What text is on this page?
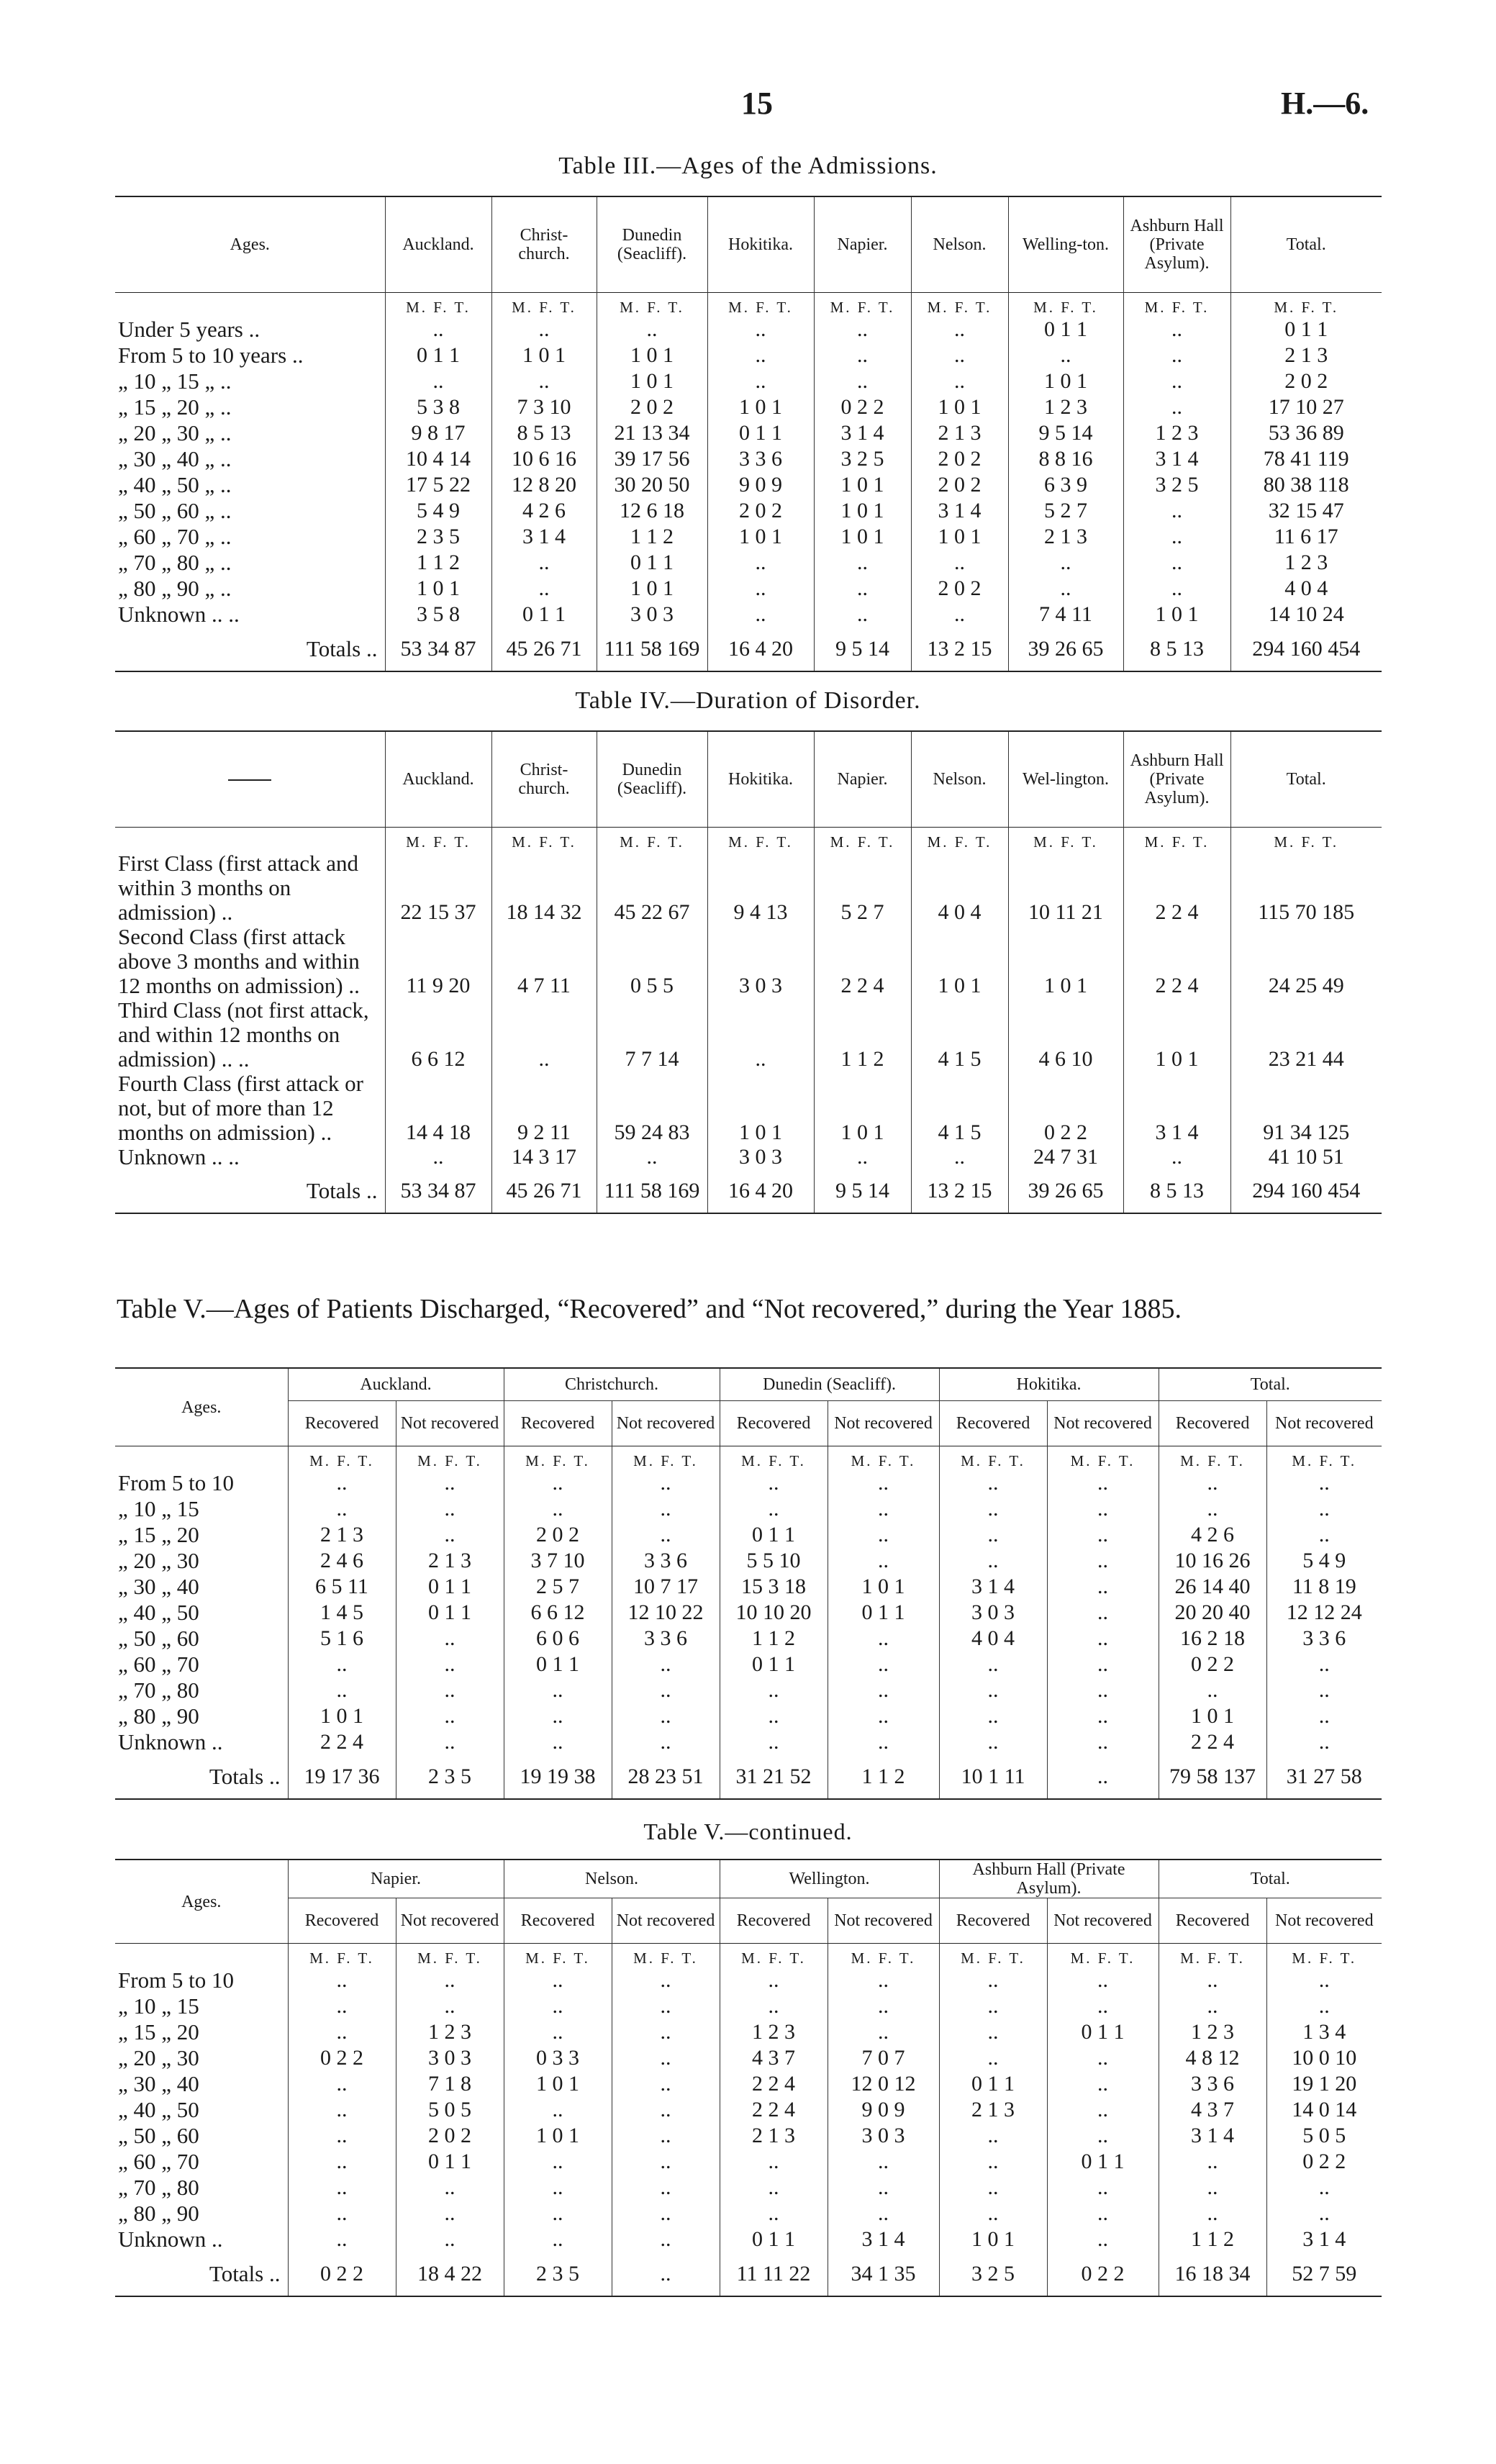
15	H.—6.
Table III.—Ages of the Admissions.
Ages.	Auckland.	Christ-church.	Dunedin (Seacliff).	Hokitika.	Napier.	Nelson.	Welling-ton.	Ashburn Hall (Private Asylum).	Total.
	M. F. T.	M. F. T.	M. F. T.	M. F. T.	M. F. T.	M. F. T.	M. F. T.	M. F. T.	M. F. T.
Under 5 years ..	..	..	..	..	..	..	0 1 1	..	0 1 1
From 5 to 10 years ..	0 1 1	1 0 1	1 0 1	..	..	..	..	..	2 1 3
„ 10 „ 15 „ ..	..	..	1 0 1	..	..	..	1 0 1	..	2 0 2
„ 15 „ 20 „ ..	5 3 8	7 3 10	2 0 2	1 0 1	0 2 2	1 0 1	1 2 3	..	17 10 27
„ 20 „ 30 „ ..	9 8 17	8 5 13	21 13 34	0 1 1	3 1 4	2 1 3	9 5 14	1 2 3	53 36 89
„ 30 „ 40 „ ..	10 4 14	10 6 16	39 17 56	3 3 6	3 2 5	2 0 2	8 8 16	3 1 4	78 41 119
„ 40 „ 50 „ ..	17 5 22	12 8 20	30 20 50	9 0 9	1 0 1	2 0 2	6 3 9	3 2 5	80 38 118
„ 50 „ 60 „ ..	5 4 9	4 2 6	12 6 18	2 0 2	1 0 1	3 1 4	5 2 7	..	32 15 47
„ 60 „ 70 „ ..	2 3 5	3 1 4	1 1 2	1 0 1	1 0 1	1 0 1	2 1 3	..	11 6 17
„ 70 „ 80 „ ..	1 1 2	..	0 1 1	..	..	..	..	..	1 2 3
„ 80 „ 90 „ ..	1 0 1	..	1 0 1	..	..	2 0 2	..	..	4 0 4
Unknown .. ..	3 5 8	0 1 1	3 0 3	..	..	..	7 4 11	1 0 1	14 10 24
Totals ..	53 34 87	45 26 71	111 58 169	16 4 20	9 5 14	13 2 15	39 26 65	8 5 13	294 160 454
Table IV.—Duration of Disorder.
	Auckland.	Christ-church.	Dunedin (Seacliff).	Hokitika.	Napier.	Nelson.	Wel-lington.	Ashburn Hall (Private Asylum).	Total.
	M. F. T.	M. F. T.	M. F. T.	M. F. T.	M. F. T.	M. F. T.	M. F. T.	M. F. T.	M. F. T.
First Class (first attack and within 3 months on admission) ..	22 15 37	18 14 32	45 22 67	9 4 13	5 2 7	4 0 4	10 11 21	2 2 4	115 70 185
Second Class (first attack above 3 months and within 12 months on admission) ..	11 9 20	4 7 11	0 5 5	3 0 3	2 2 4	1 0 1	1 0 1	2 2 4	24 25 49
Third Class (not first attack, and within 12 months on admission) .. ..	6 6 12	..	7 7 14	..	1 1 2	4 1 5	4 6 10	1 0 1	23 21 44
Fourth Class (first attack or not, but of more than 12 months on admission) ..	14 4 18	9 2 11	59 24 83	1 0 1	1 0 1	4 1 5	0 2 2	3 1 4	91 34 125
Unknown .. ..	..	14 3 17	..	3 0 3	..	..	24 7 31	..	41 10 51
Totals ..	53 34 87	45 26 71	111 58 169	16 4 20	9 5 14	13 2 15	39 26 65	8 5 13	294 160 454
Table V.—Ages of Patients Discharged, “Recovered” and “Not recovered,” during the Year 1885.
Ages.	Auckland.		Christchurch.		Dunedin (Seacliff).		Hokitika.		Total.	
	Recovered	Not recovered	Recovered	Not recovered	Recovered	Not recovered	Recovered	Not recovered	Recovered	Not recovered
	M. F. T.	M. F. T.	M. F. T.	M. F. T.	M. F. T.	M. F. T.	M. F. T.	M. F. T.	M. F. T.	M. F. T.
From 5 to 10	..	..	..	..	..	..	..	..	..	..
„ 10 „ 15	..	..	..	..	..	..	..	..	..	..
„ 15 „ 20	2 1 3	..	2 0 2	..	0 1 1	..	..	..	4 2 6	..
„ 20 „ 30	2 4 6	2 1 3	3 7 10	3 3 6	5 5 10	..	..	..	10 16 26	5 4 9
„ 30 „ 40	6 5 11	0 1 1	2 5 7	10 7 17	15 3 18	1 0 1	3 1 4	..	26 14 40	11 8 19
„ 40 „ 50	1 4 5	0 1 1	6 6 12	12 10 22	10 10 20	0 1 1	3 0 3	..	20 20 40	12 12 24
„ 50 „ 60	5 1 6	..	6 0 6	3 3 6	1 1 2	..	4 0 4	..	16 2 18	3 3 6
„ 60 „ 70	..	..	0 1 1	..	0 1 1	..	..	..	0 2 2	..
„ 70 „ 80	..	..	..	..	..	..	..	..	..	..
„ 80 „ 90	1 0 1	..	..	..	..	..	..	..	1 0 1	..
Unknown ..	2 2 4	..	..	..	..	..	..	..	2 2 4	..
Totals ..	19 17 36	2 3 5	19 19 38	28 23 51	31 21 52	1 1 2	10 1 11	..	79 58 137	31 27 58
Table V.—continued.
Ages.	Napier.		Nelson.		Wellington.		Ashburn Hall (Private Asylum).		Total.	
	Recovered	Not recovered	Recovered	Not recovered	Recovered	Not recovered	Recovered	Not recovered	Recovered	Not recovered
	M. F. T.	M. F. T.	M. F. T.	M. F. T.	M. F. T.	M. F. T.	M. F. T.	M. F. T.	M. F. T.	M. F. T.
From 5 to 10	..	..	..	..	..	..	..	..	..	..
„ 10 „ 15	..	..	..	..	..	..	..	..	..	..
„ 15 „ 20	..	1 2 3	..	..	1 2 3	..	..	0 1 1	1 2 3	1 3 4
„ 20 „ 30	0 2 2	3 0 3	0 3 3	..	4 3 7	7 0 7	..	..	4 8 12	10 0 10
„ 30 „ 40	..	7 1 8	1 0 1	..	2 2 4	12 0 12	0 1 1	..	3 3 6	19 1 20
„ 40 „ 50	..	5 0 5	..	..	2 2 4	9 0 9	2 1 3	..	4 3 7	14 0 14
„ 50 „ 60	..	2 0 2	1 0 1	..	2 1 3	3 0 3	..	..	3 1 4	5 0 5
„ 60 „ 70	..	0 1 1	..	..	..	..	..	0 1 1	..	0 2 2
„ 70 „ 80	..	..	..	..	..	..	..	..	..	..
„ 80 „ 90	..	..	..	..	..	..	..	..	..	..
Unknown ..	..	..	..	..	0 1 1	3 1 4	1 0 1	..	1 1 2	3 1 4
Totals ..	0 2 2	18 4 22	2 3 5	..	11 11 22	34 1 35	3 2 5	0 2 2	16 18 34	52 7 59
